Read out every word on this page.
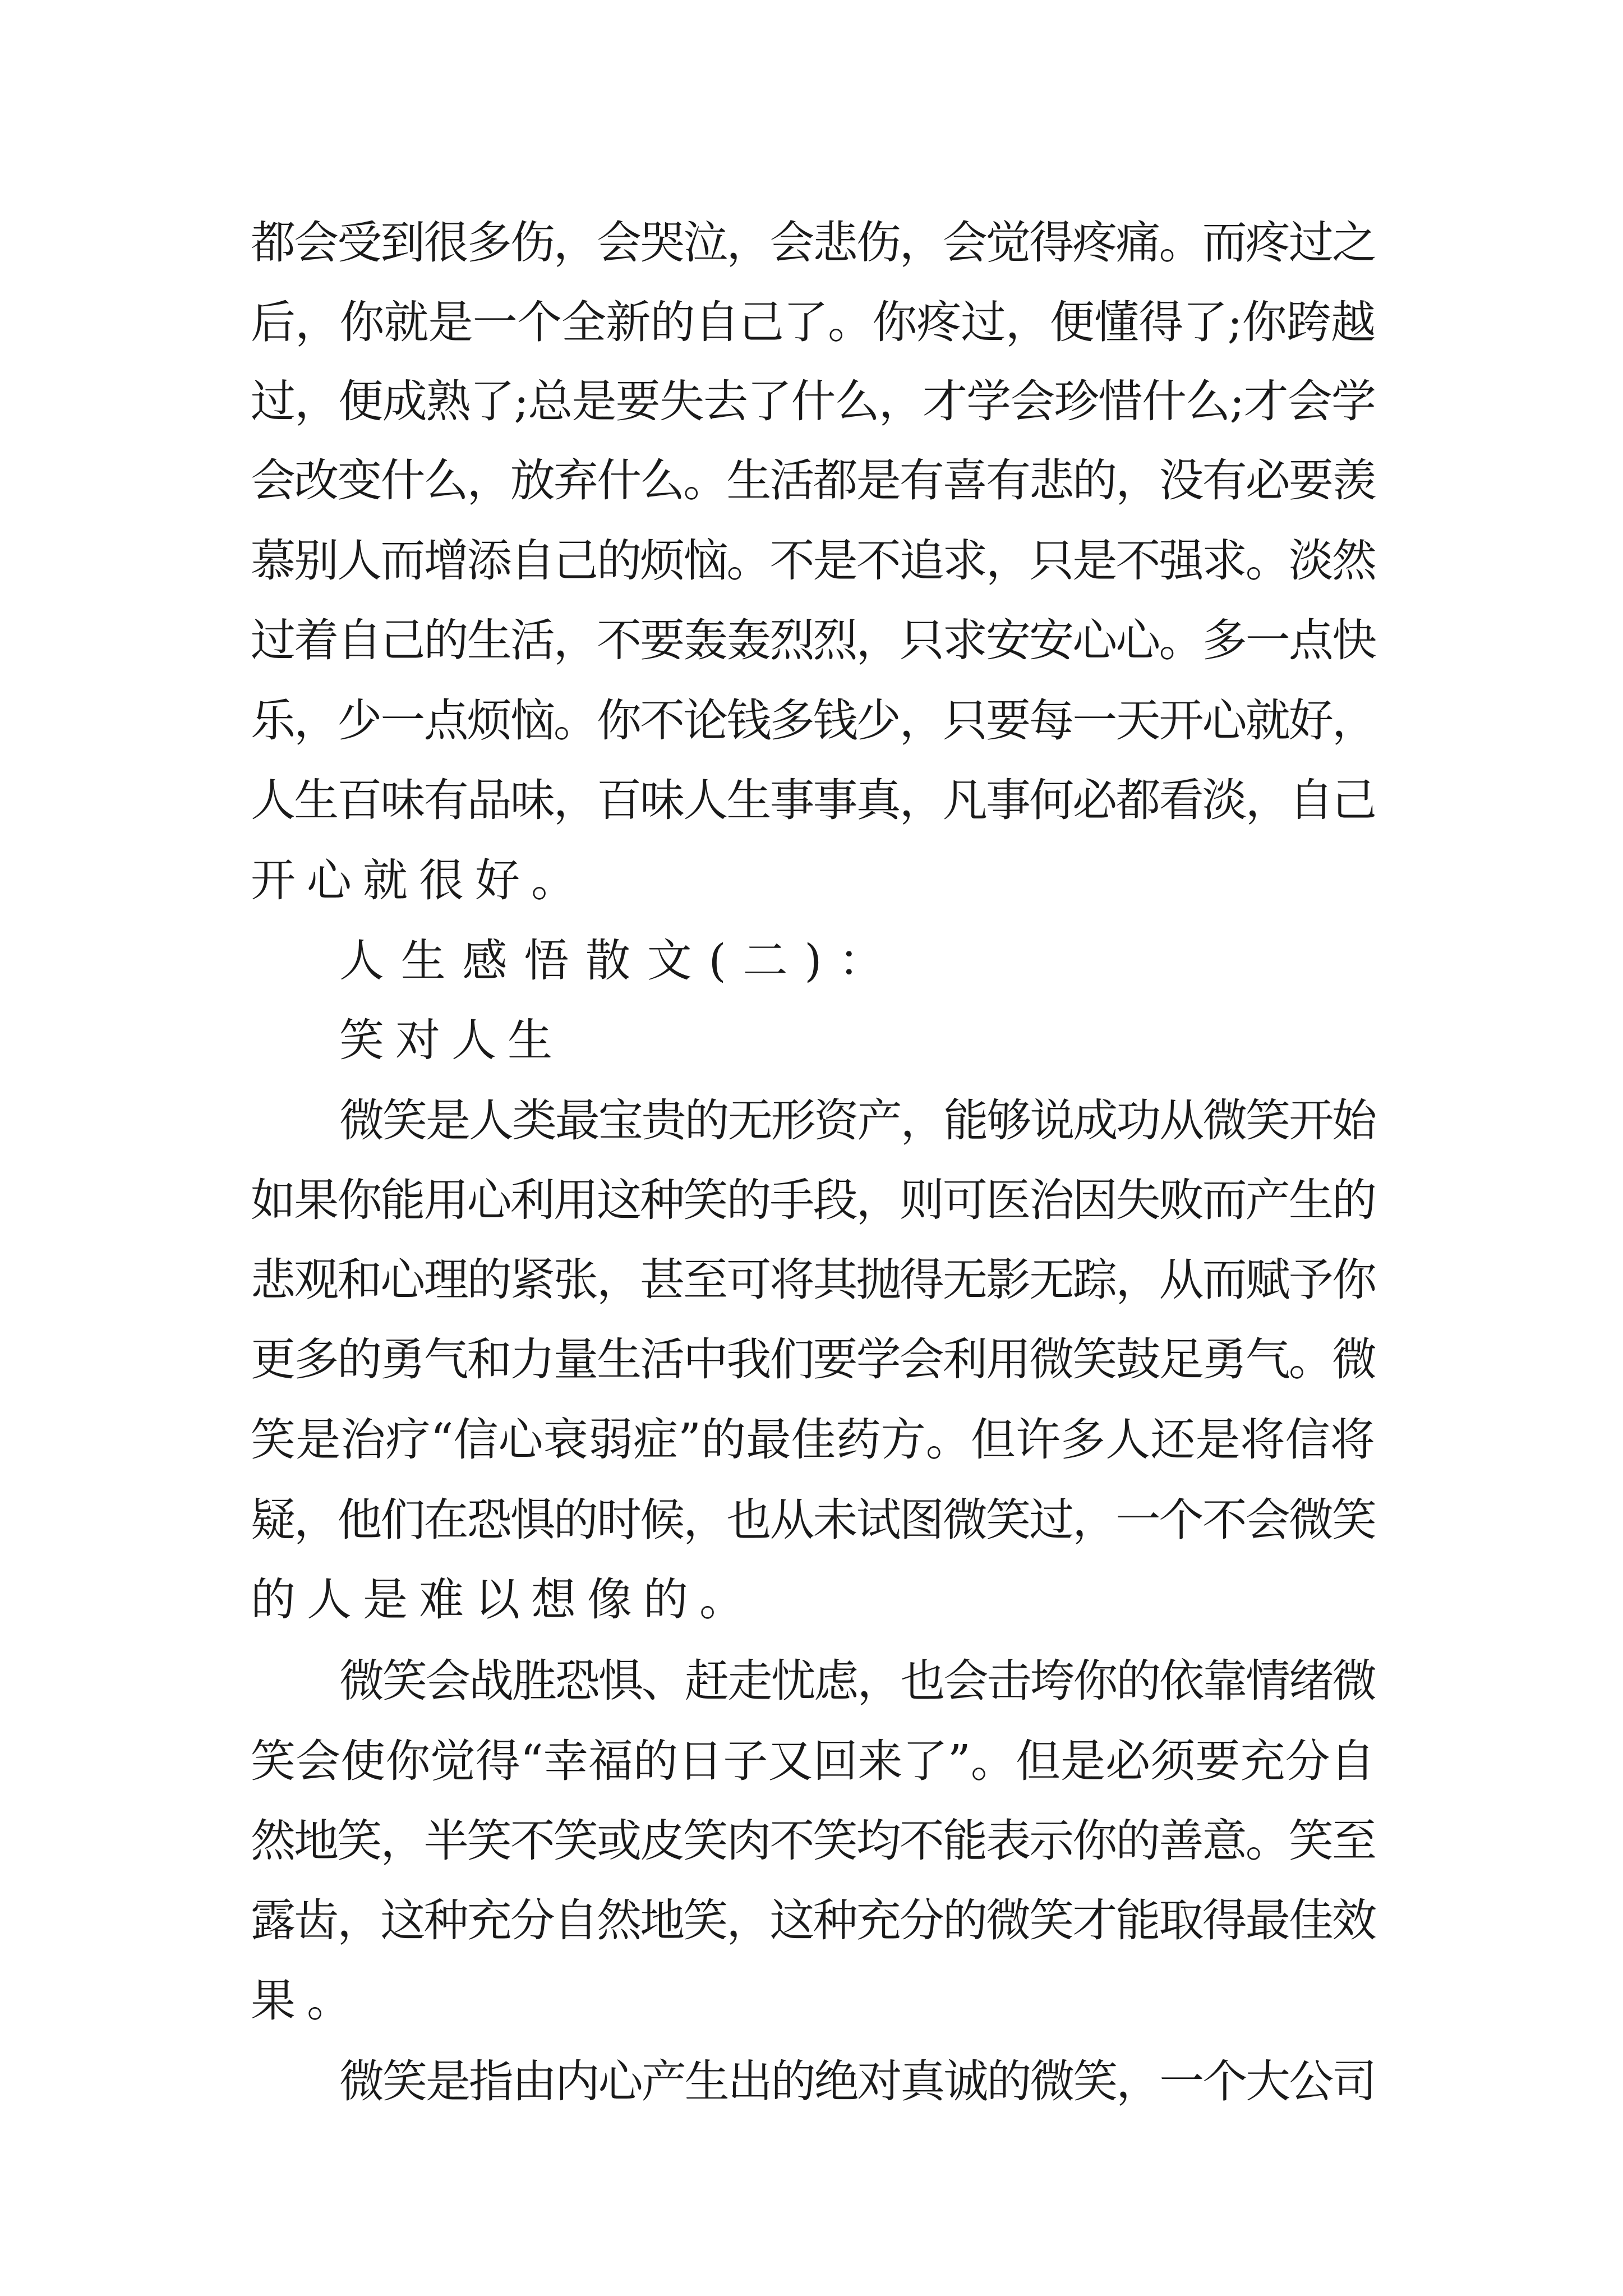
都会受到很多伤，会哭泣，会悲伤，会觉得疼痛。而疼过之
后，你就是一个全新的自己了。你疼过，便懂得了;你跨越
过，便成熟了;总是要失去了什么，才学会珍惜什么;才会学
会改变什么，放弃什么。生活都是有喜有悲的，没有必要羡
慕别人而增添自己的烦恼。不是不追求，只是不强求。淡然
过着自己的生活，不要轰轰烈烈，只求安安心心。多一点快
乐，少一点烦恼。你不论钱多钱少，只要每一天开心就好，
人生百味有品味，百味人生事事真，凡事何必都看淡，自己
开心就很好。
人生感悟散文(二)：
笑对人生
微笑是人类最宝贵的无形资产，能够说成功从微笑开始
如果你能用心利用这种笑的手段，则可医治因失败而产生的
悲观和心理的紧张，甚至可将其抛得无影无踪，从而赋予你
更多的勇气和力量生活中我们要学会利用微笑鼓足勇气。微
笑是治疗“信心衰弱症”的最佳药方。但许多人还是将信将
疑，他们在恐惧的时候，也从未试图微笑过，一个不会微笑
的人是难以想像的。
微笑会战胜恐惧、赶走忧虑，也会击垮你的依靠情绪微
笑会使你觉得“幸福的日子又回来了”。但是必须要充分自
然地笑，半笑不笑或皮笑肉不笑均不能表示你的善意。笑至
露齿，这种充分自然地笑，这种充分的微笑才能取得最佳效
果。
微笑是指由内心产生出的绝对真诚的微笑，一个大公司
